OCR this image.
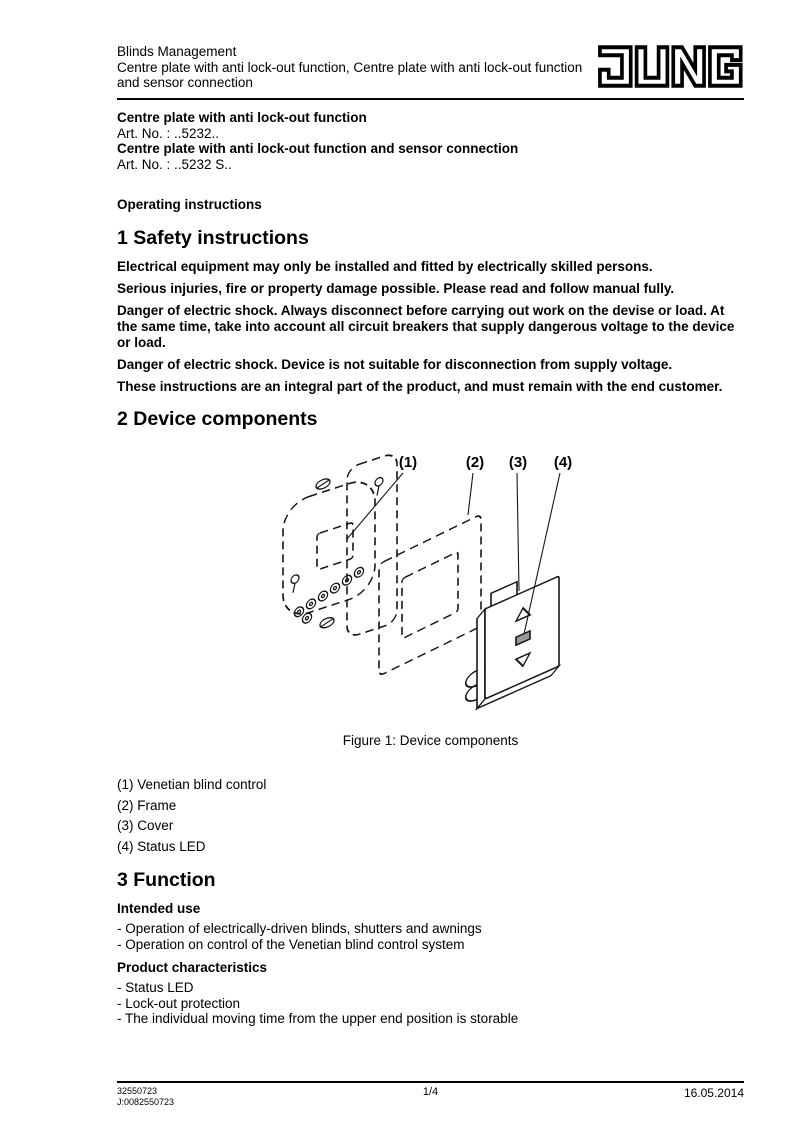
Blinds Management
Centre plate with anti lock-out function, Centre plate with anti lock-out function and sensor connection
Centre plate with anti lock-out function
Art. No. : ..5232..
Centre plate with anti lock-out function and sensor connection
Art. No. : ..5232 S..
Operating instructions
1 Safety instructions

Electrical equipment may only be installed and fitted by electrically skilled persons.

Serious injuries, fire or property damage possible. Please read and follow manual fully.

Danger of electric shock. Always disconnect before carrying out work on the devise or load. At the same time, take into account all circuit breakers that supply dangerous voltage to the device or load.

Danger of electric shock. Device is not suitable for disconnection from supply voltage.

These instructions are an integral part of the product, and must remain with the end customer.

2 Device components
(1)	(2) (3) (4)
Figure 1: Device components
(1) Venetian blind control
(2) Frame
(3) Cover
(4) Status LED
3 Function
Intended use
- Operation of electrically-driven blinds, shutters and awnings
- Operation on control of the Venetian blind control system
Product characteristics
- Status LED
- Lock-out protection
- The individual moving time from the upper end position is storable
32550723
J:0082550723
1/4	16.05.2014
